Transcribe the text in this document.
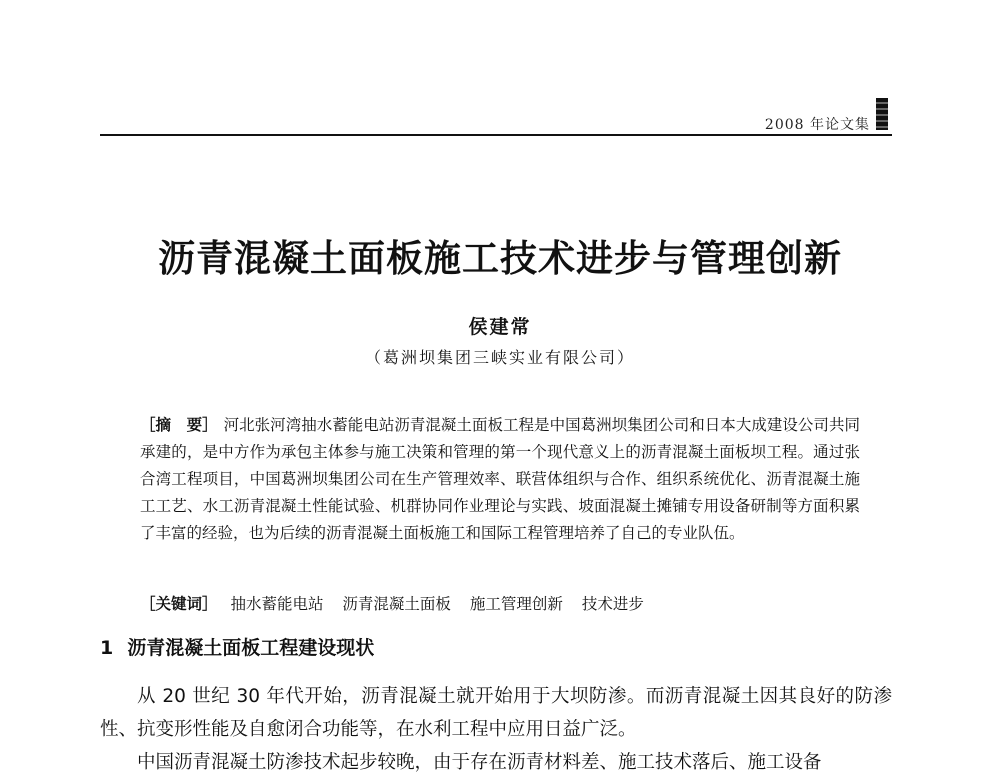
2008 年论文集
沥青混凝土面板施工技术进步与管理创新
侯建常
（葛洲坝集团三峡实业有限公司）
［摘　要］ 河北张河湾抽水蓄能电站沥青混凝土面板工程是中国葛洲坝集团公司和日本大成建设公司共同承建的，是中方作为承包主体参与施工决策和管理的第一个现代意义上的沥青混凝土面板坝工程。通过张合湾工程项目，中国葛洲坝集团公司在生产管理效率、联营体组织与合作、组织系统优化、沥青混凝土施工工艺、水工沥青混凝土性能试验、机群协同作业理论与实践、坡面混凝土摊铺专用设备研制等方面积累了丰富的经验，也为后续的沥青混凝土面板施工和国际工程管理培养了自己的专业队伍。
［关键词］ 抽水蓄能电站 沥青混凝土面板 施工管理创新 技术进步
1 沥青混凝土面板工程建设现状

从 20 世纪 30 年代开始，沥青混凝土就开始用于大坝防渗。而沥青混凝土因其良好的防渗性、抗变形性能及自愈闭合功能等，在水利工程中应用日益广泛。

中国沥青混凝土防渗技术起步较晚，由于存在沥青材料差、施工技术落后、施工设备
